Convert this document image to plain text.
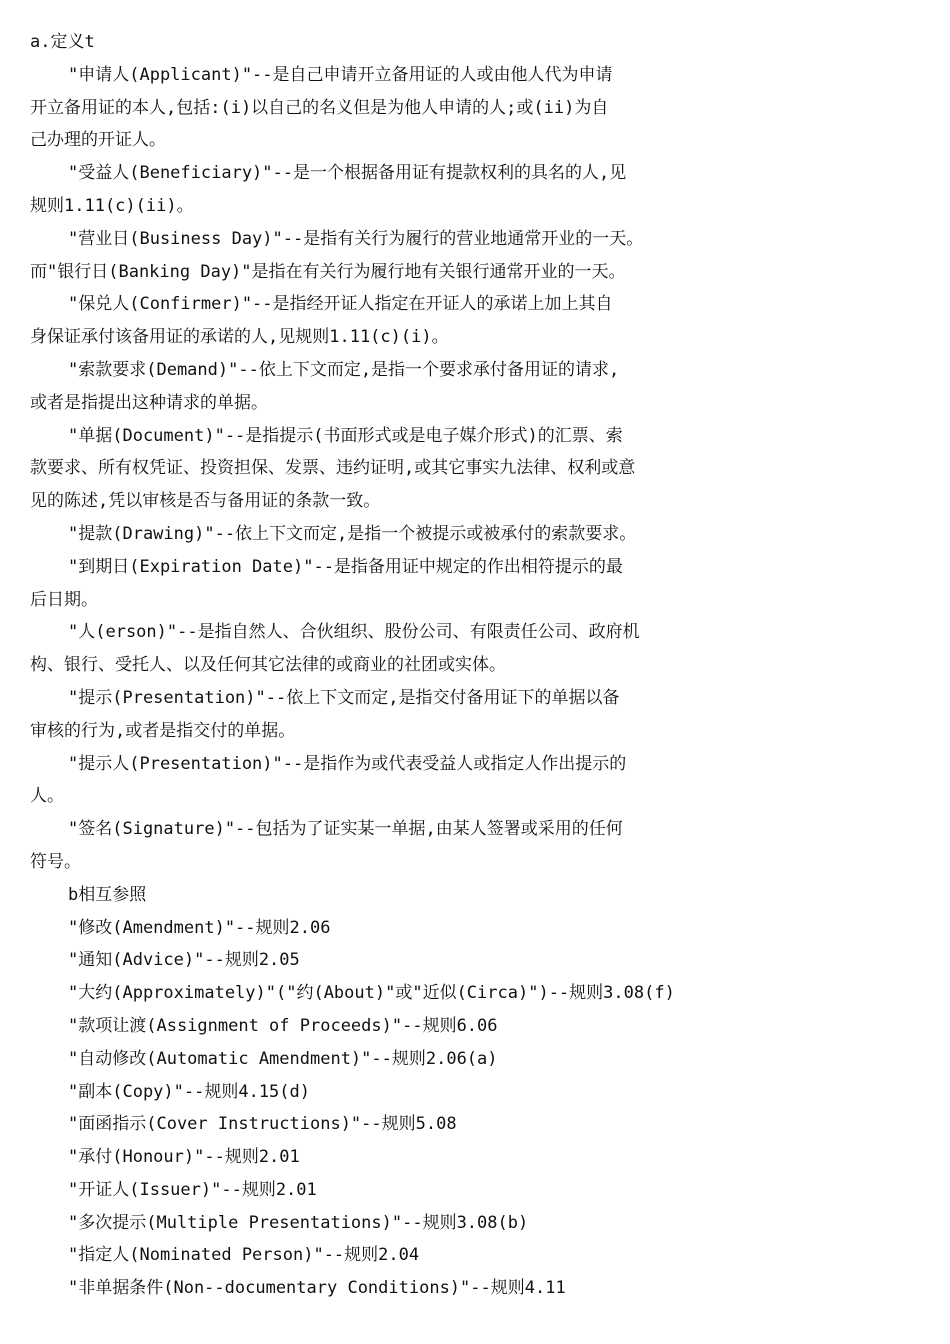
a.定义t
"申请人(Applicant)"--是自己申请开立备用证的人或由他人代为申请
开立备用证的本人,包括:(i)以自己的名义但是为他人申请的人;或(ii)为自
己办理的开证人。
"受益人(Beneficiary)"--是一个根据备用证有提款权利的具名的人,见
规则1.11(c)(ii)。
"营业日(Business Day)"--是指有关行为履行的营业地通常开业的一天。
而"银行日(Banking Day)"是指在有关行为履行地有关银行通常开业的一天。
"保兑人(Confirmer)"--是指经开证人指定在开证人的承诺上加上其自
身保证承付该备用证的承诺的人,见规则1.11(c)(i)。
"索款要求(Demand)"--依上下文而定,是指一个要求承付备用证的请求,
或者是指提出这种请求的单据。
"单据(Document)"--是指提示(书面形式或是电子媒介形式)的汇票、索
款要求、所有权凭证、投资担保、发票、违约证明,或其它事实九法律、权利或意
见的陈述,凭以审核是否与备用证的条款一致。
"提款(Drawing)"--依上下文而定,是指一个被提示或被承付的索款要求。
"到期日(Expiration Date)"--是指备用证中规定的作出相符提示的最
后日期。
"人(erson)"--是指自然人、合伙组织、股份公司、有限责任公司、政府机
构、银行、受托人、以及任何其它法律的或商业的社团或实体。
"提示(Presentation)"--依上下文而定,是指交付备用证下的单据以备
审核的行为,或者是指交付的单据。
"提示人(Presentation)"--是指作为或代表受益人或指定人作出提示的
人。
"签名(Signature)"--包括为了证实某一单据,由某人签署或采用的任何
符号。
b相互参照
"修改(Amendment)"--规则2.06
"通知(Advice)"--规则2.05
"大约(Approximately)"("约(About)"或"近似(Circa)")--规则3.08(f)
"款项让渡(Assignment of Proceeds)"--规则6.06
"自动修改(Automatic Amendment)"--规则2.06(a)
"副本(Copy)"--规则4.15(d)
"面函指示(Cover Instructions)"--规则5.08
"承付(Honour)"--规则2.01
"开证人(Issuer)"--规则2.01
"多次提示(Multiple Presentations)"--规则3.08(b)
"指定人(Nominated Person)"--规则2.04
"非单据条件(Non--documentary Conditions)"--规则4.11
